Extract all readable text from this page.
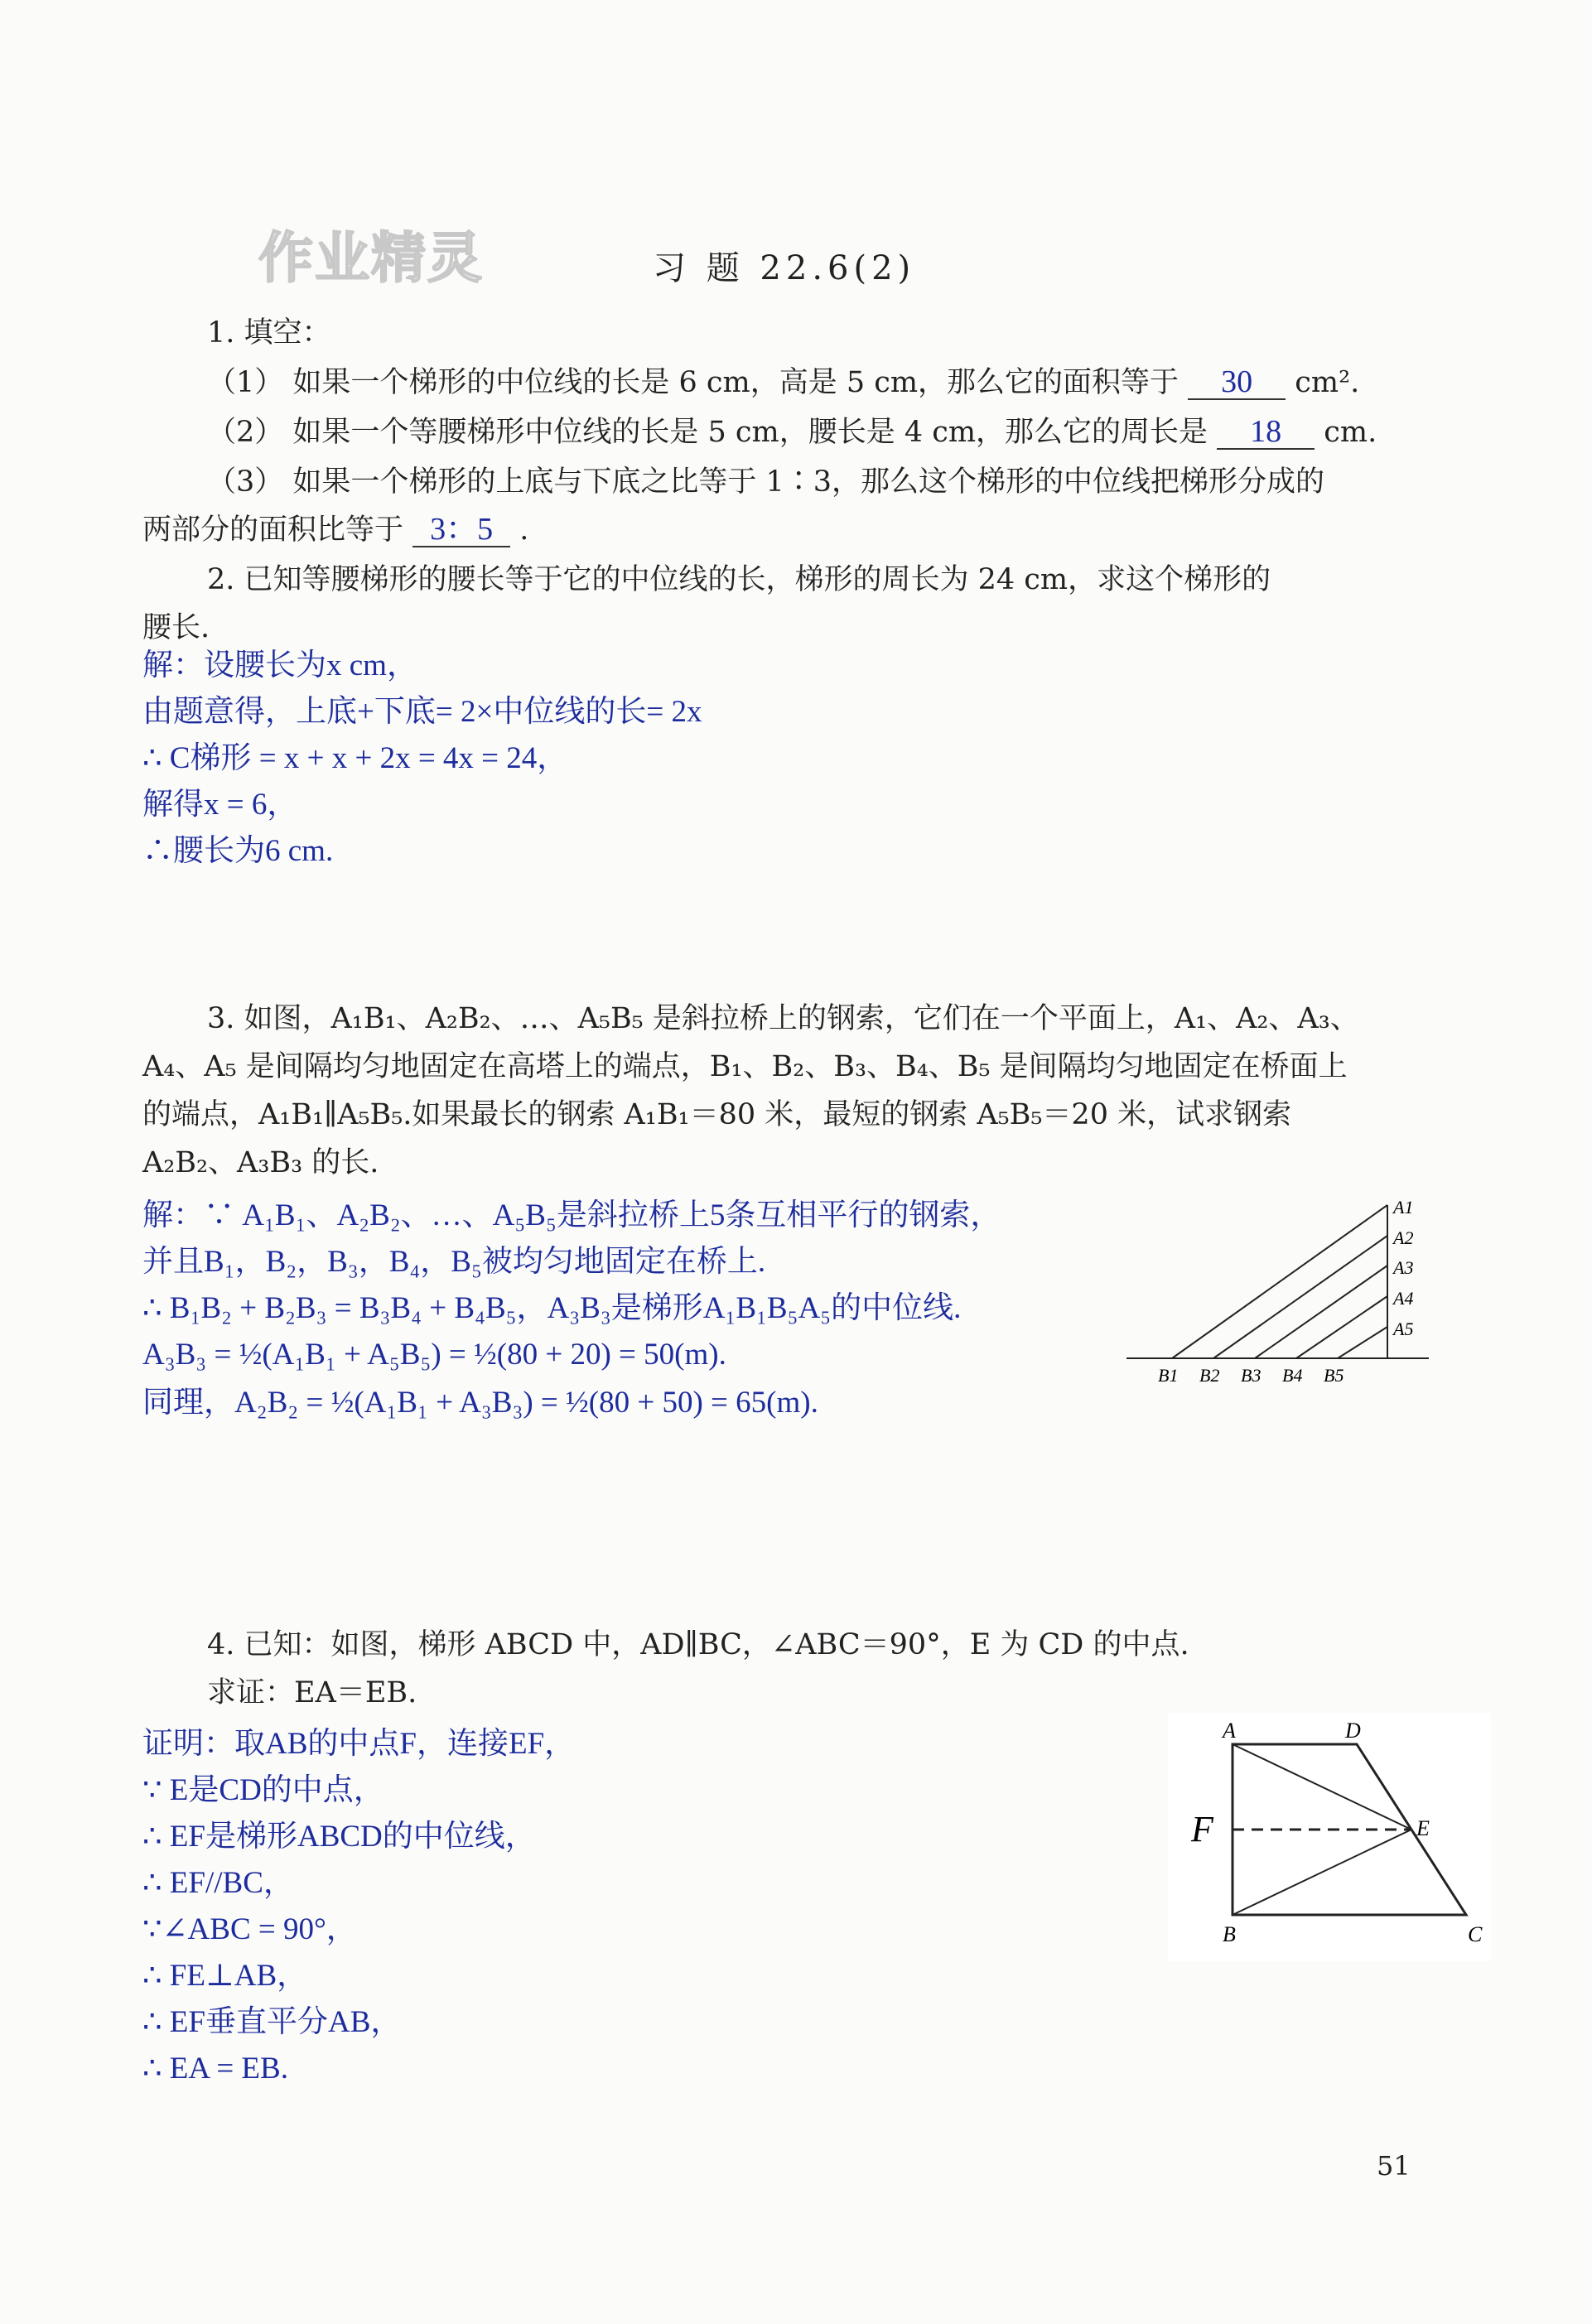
作业精灵	习 题 22.6(2)
1. 填空：
（1） 如果一个梯形的中位线的长是 6 cm，高是 5 cm，那么它的面积等于 30 cm².
（2） 如果一个等腰梯形中位线的长是 5 cm，腰长是 4 cm，那么它的周长是 18 cm.
（3） 如果一个梯形的上底与下底之比等于 1∶3，那么这个梯形的中位线把梯形分成的
两部分的面积比等于 3：5 .
2. 已知等腰梯形的腰长等于它的中位线的长，梯形的周长为 24 cm，求这个梯形的
腰长.
解：设腰长为x cm，
由题意得，上底+下底= 2×中位线的长= 2x
∴ C梯形 = x + x + 2x = 4x = 24，
解得x = 6，
∴腰长为6 cm.
3. 如图，A₁B₁、A₂B₂、…、A₅B₅ 是斜拉桥上的钢索，它们在一个平面上，A₁、A₂、A₃、
A₄、A₅ 是间隔均匀地固定在高塔上的端点，B₁、B₂、B₃、B₄、B₅ 是间隔均匀地固定在桥面上
的端点，A₁B₁∥A₅B₅.如果最长的钢索 A₁B₁＝80 米，最短的钢索 A₅B₅＝20 米，试求钢索
A₂B₂、A₃B₃ 的长.
解：∵ A₁B₁、A₂B₂、…、A₅B₅是斜拉桥上5条互相平行的钢索，
并且B₁，B₂，B₃，B₄，B₅被均匀地固定在桥上.
∴ B₁B₂ + B₂B₃ = B₃B₄ + B₄B₅，A₃B₃是梯形A₁B₁B₅A₅的中位线.
A₃B₃ = ½(A₁B₁ + A₅B₅) = ½(80 + 20) = 50(m).
同理，A₂B₂ = ½(A₁B₁ + A₃B₃) = ½(80 + 50) = 65(m).
A1
A2
A3
A4
A5
B1 B2 B3 B4 B5
4. 已知：如图，梯形 ABCD 中，AD∥BC，∠ABC＝90°，E 为 CD 的中点.
求证：EA＝EB.
证明：取AB的中点F，连接EF，
∵ E是CD的中点，
∴ EF是梯形ABCD的中位线，
∴ EF//BC，
∵∠ABC = 90°，
∴ FE⊥AB，
∴ EF垂直平分AB，
∴ EA = EB.
A	D
E
F
B	C
51
